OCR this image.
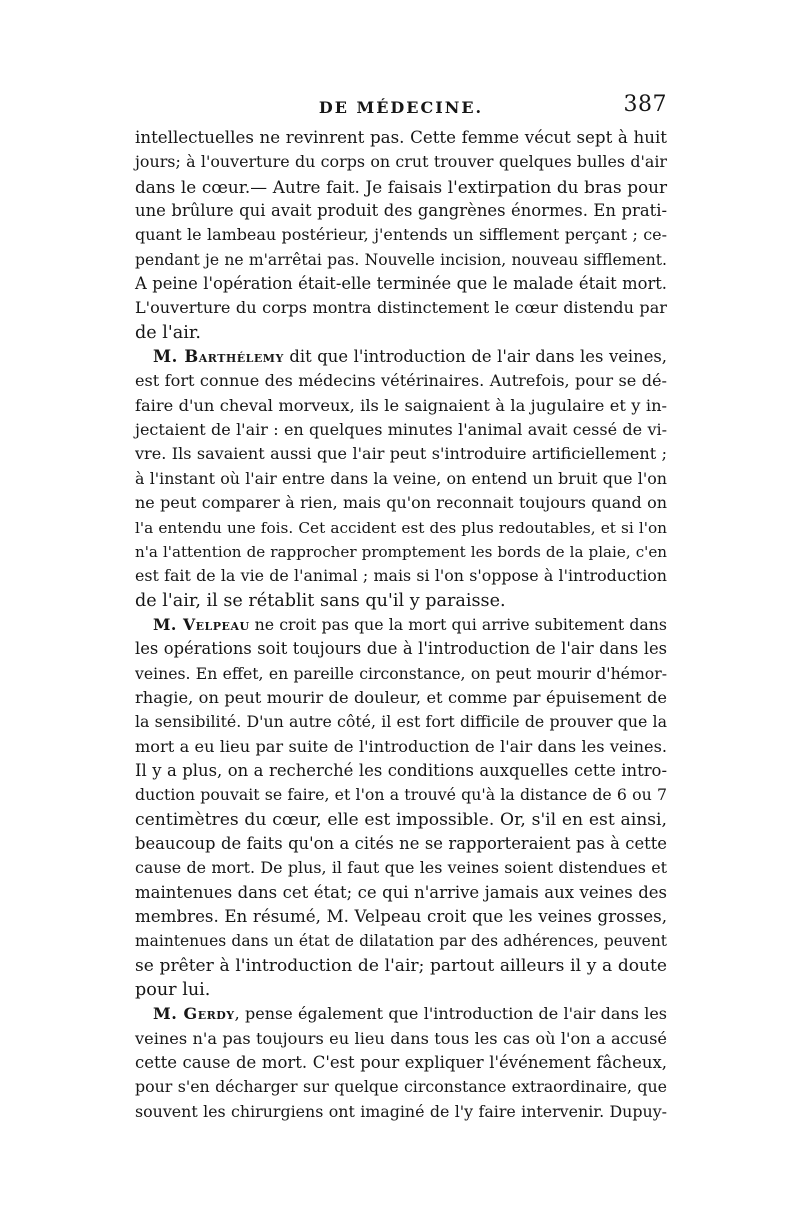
DE MÉDECINE.	387
intellectuelles ne revinrent pas. Cette femme vécut sept à huit
jours; à l'ouverture du corps on crut trouver quelques bulles d'air
dans le cœur.— Autre fait. Je faisais l'extirpation du bras pour
une brûlure qui avait produit des gangrènes énormes. En prati-
quant le lambeau postérieur, j'entends un sifflement perçant ; ce-
pendant je ne m'arrêtai pas. Nouvelle incision, nouveau sifflement.
A peine l'opération était-elle terminée que le malade était mort.
L'ouverture du corps montra distinctement le cœur distendu par
de l'air.
M. Barthélemy dit que l'introduction de l'air dans les veines,
est fort connue des médecins vétérinaires. Autrefois, pour se dé-
faire d'un cheval morveux, ils le saignaient à la jugulaire et y in-
jectaient de l'air : en quelques minutes l'animal avait cessé de vi-
vre. Ils savaient aussi que l'air peut s'introduire artificiellement ;
à l'instant où l'air entre dans la veine, on entend un bruit que l'on
ne peut comparer à rien, mais qu'on reconnait toujours quand on
l'a entendu une fois. Cet accident est des plus redoutables, et si l'on
n'a l'attention de rapprocher promptement les bords de la plaie, c'en
est fait de la vie de l'animal ; mais si l'on s'oppose à l'introduction
de l'air, il se rétablit sans qu'il y paraisse.
M. Velpeau ne croit pas que la mort qui arrive subitement dans
les opérations soit toujours due à l'introduction de l'air dans les
veines. En effet, en pareille circonstance, on peut mourir d'hémor-
rhagie, on peut mourir de douleur, et comme par épuisement de
la sensibilité. D'un autre côté, il est fort difficile de prouver que la
mort a eu lieu par suite de l'introduction de l'air dans les veines.
Il y a plus, on a recherché les conditions auxquelles cette intro-
duction pouvait se faire, et l'on a trouvé qu'à la distance de 6 ou 7
centimètres du cœur, elle est impossible. Or, s'il en est ainsi,
beaucoup de faits qu'on a cités ne se rapporteraient pas à cette
cause de mort. De plus, il faut que les veines soient distendues et
maintenues dans cet état; ce qui n'arrive jamais aux veines des
membres. En résumé, M. Velpeau croit que les veines grosses,
maintenues dans un état de dilatation par des adhérences, peuvent
se prêter à l'introduction de l'air; partout ailleurs il y a doute
pour lui.
M. Gerdy, pense également que l'introduction de l'air dans les
veines n'a pas toujours eu lieu dans tous les cas où l'on a accusé
cette cause de mort. C'est pour expliquer l'événement fâcheux,
pour s'en décharger sur quelque circonstance extraordinaire, que
souvent les chirurgiens ont imaginé de l'y faire intervenir. Dupuy-
